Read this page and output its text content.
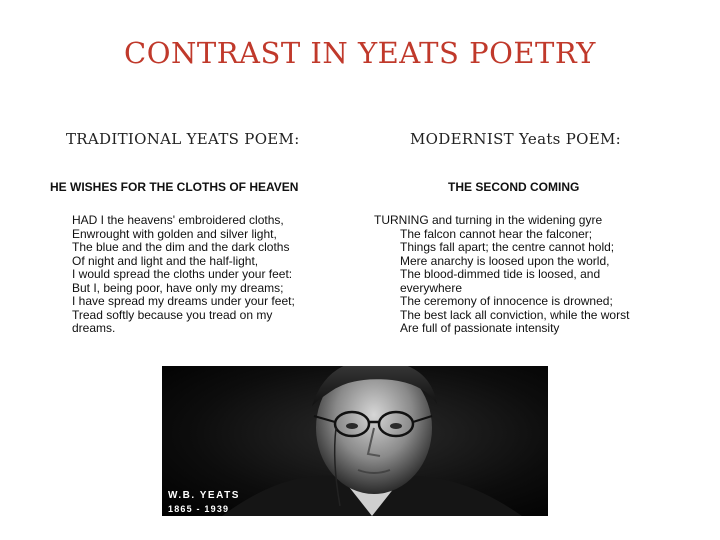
CONTRAST IN YEATS POETRY
TRADITIONAL YEATS POEM:	MODERNIST Yeats POEM:
HE WISHES FOR THE CLOTHS OF HEAVEN	THE SECOND COMING
HAD I the heavens' embroidered cloths,
Enwrought with golden and silver light,
The blue and the dim and the dark cloths
Of night and light and the half-light,
I would spread the cloths under your feet:
But I, being poor, have only my dreams;
I have spread my dreams under your feet;
Tread softly because you tread on my
dreams.
TURNING and turning in the widening gyre
The falcon cannot hear the falconer;
Things fall apart; the centre cannot hold;
Mere anarchy is loosed upon the world,
The blood-dimmed tide is loosed, and
everywhere
The ceremony of innocence is drowned;
The best lack all conviction, while the worst
Are full of passionate intensity
W.B. YEATS
1865 - 1939
